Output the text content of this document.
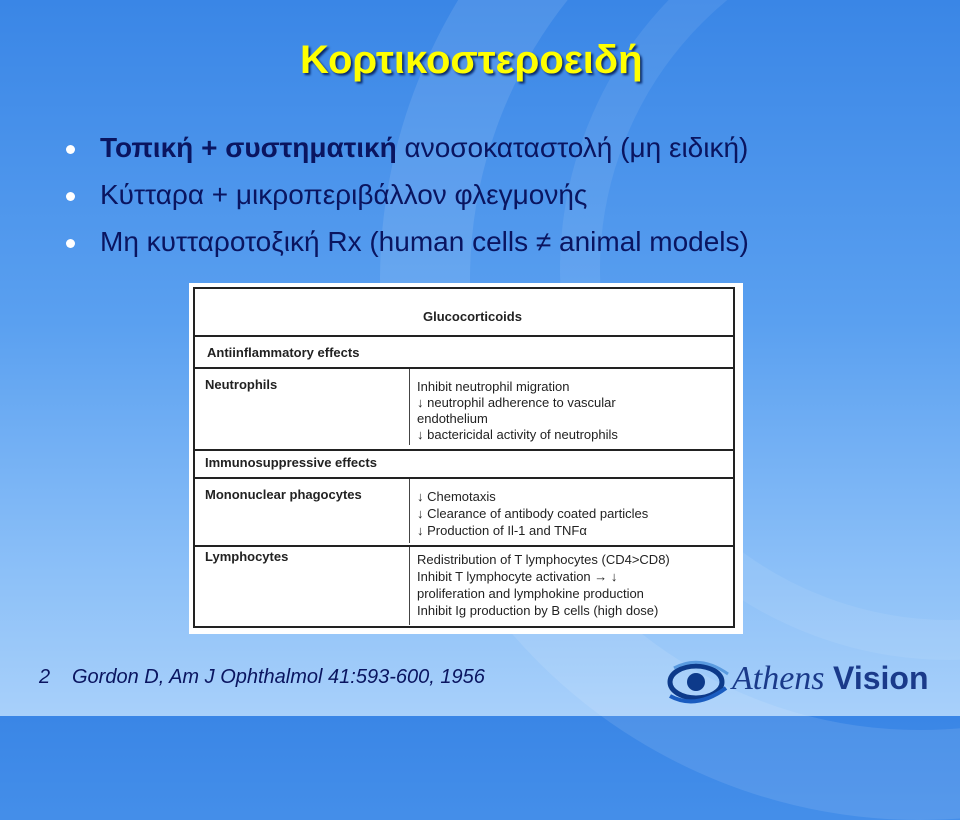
Κορτικοστεροειδή
Τοπική + συστηματική ανοσοκαταστολή (μη ειδική)
Κύτταρα + μικροπεριβάλλον φλεγμονής
Μη κυτταροτοξική Rx (human cells ≠ animal models)
Glucocorticoids
Antiinflammatory effects
Neutrophils	Inhibit neutrophil migration
↓ neutrophil adherence to vascular
endothelium
↓ bactericidal activity of neutrophils
Immunosuppressive effects
Mononuclear phagocytes	↓ Chemotaxis
↓ Clearance of antibody coated particles
↓ Production of Il-1 and TNFα
Lymphocytes	Redistribution of T lymphocytes (CD4>CD8)
Inhibit T lymphocyte activation → ↓
proliferation and lymphokine production
Inhibit Ig production by B cells (high dose)
2 Gordon D, Am J Ophthalmol 41:593-600, 1956	Athens Vision
